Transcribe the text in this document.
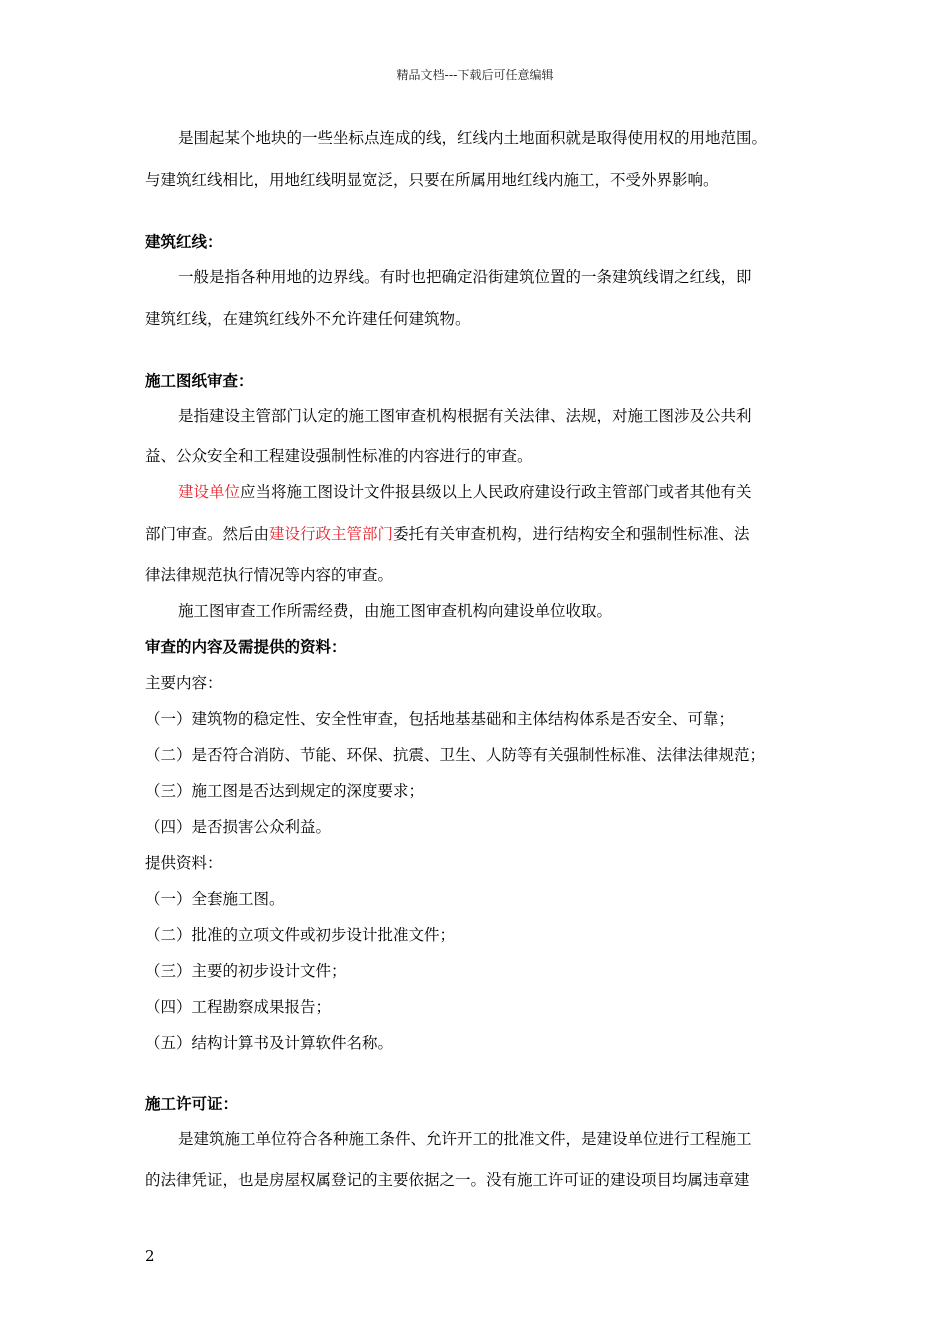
精品文档---下载后可任意编辑
是围起某个地块的一些坐标点连成的线，红线内土地面积就是取得使用权的用地范围。
与建筑红线相比，用地红线明显宽泛，只要在所属用地红线内施工，不受外界影响。
建筑红线：
一般是指各种用地的边界线。有时也把确定沿街建筑位置的一条建筑线谓之红线，即
建筑红线，在建筑红线外不允许建任何建筑物。
施工图纸审查：
是指建设主管部门认定的施工图审查机构根据有关法律、法规，对施工图涉及公共利
益、公众安全和工程建设强制性标准的内容进行的审查。
建设单位应当将施工图设计文件报县级以上人民政府建设行政主管部门或者其他有关
部门审查。然后由建设行政主管部门委托有关审查机构，进行结构安全和强制性标准、法
律法律规范执行情况等内容的审查。
施工图审查工作所需经费，由施工图审查机构向建设单位收取。
审查的内容及需提供的资料：
主要内容：
（一）建筑物的稳定性、安全性审查，包括地基基础和主体结构体系是否安全、可靠；
（二）是否符合消防、节能、环保、抗震、卫生、人防等有关强制性标准、法律法律规范；
（三）施工图是否达到规定的深度要求；
（四）是否损害公众利益。
提供资料：
（一）全套施工图。
（二）批准的立项文件或初步设计批准文件；
（三）主要的初步设计文件；
（四）工程勘察成果报告；
（五）结构计算书及计算软件名称。
施工许可证：
是建筑施工单位符合各种施工条件、允许开工的批准文件，是建设单位进行工程施工
的法律凭证，也是房屋权属登记的主要依据之一。没有施工许可证的建设项目均属违章建
2
